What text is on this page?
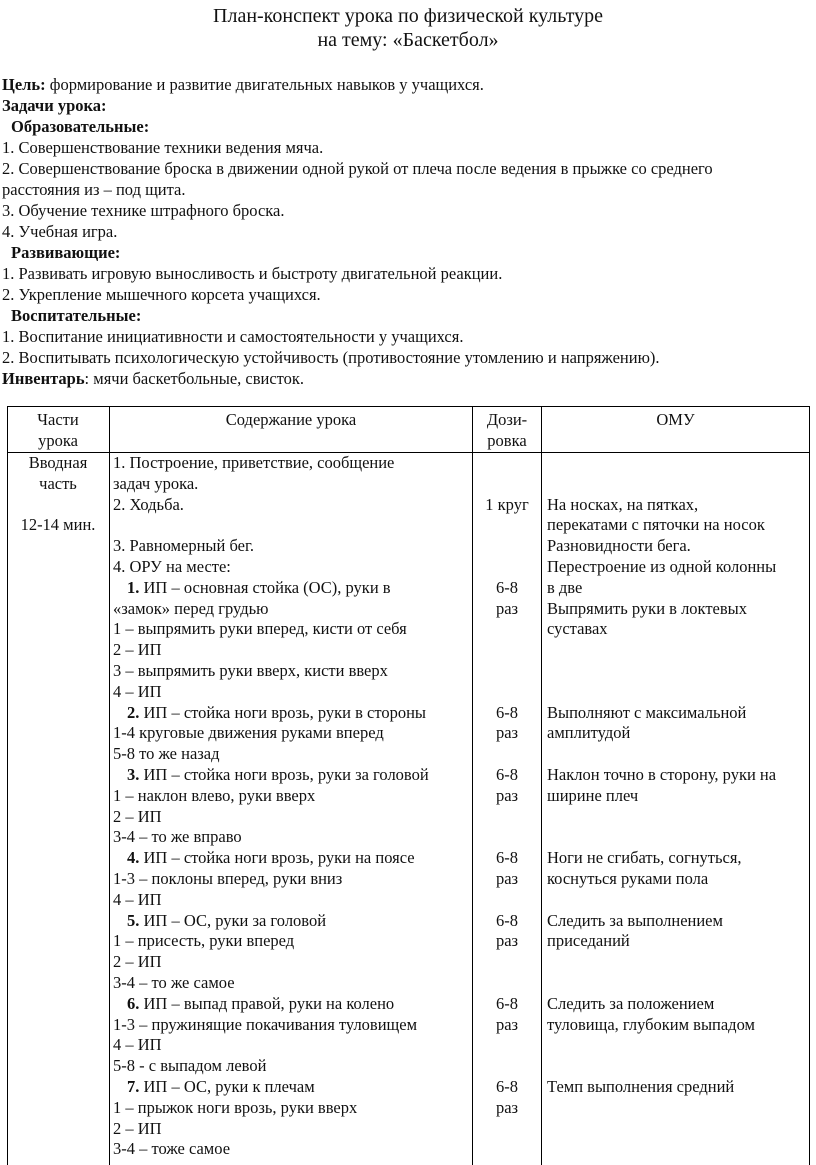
План-конспект урока по физической культуре
на тему: «Баскетбол»
Цель: формирование и развитие двигательных навыков у учащихся.
Задачи урока:
Образовательные:
1. Совершенствование техники ведения мяча.
2. Совершенствование броска в движении одной рукой от плеча после ведения в прыжке со среднего
расстояния из – под щита.
3. Обучение технике штрафного броска.
4. Учебная игра.
Развивающие:
1. Развивать игровую выносливость и быстроту двигательной реакции.
2. Укрепление мышечного корсета учащихся.
Воспитательные:
1. Воспитание инициативности и самостоятельности у учащихся.
2. Воспитывать психологическую устойчивость (противостояние утомлению и напряжению).
Инвентарь: мячи баскетбольные, свисток.
Части
урока
Содержание урока	Дози-
ровка
ОМУ
Вводная
часть
12-14 мин.
1. Построение, приветствие, сообщение
задач урока.
2. Ходьба.
3. Равномерный бег.
4. ОРУ на месте:
1. ИП – основная стойка (ОС), руки в
«замок» перед грудью
1 – выпрямить руки вперед, кисти от себя
2 – ИП
3 – выпрямить руки вверх, кисти вверх
4 – ИП
2. ИП – стойка ноги врозь, руки в стороны
1-4 круговые движения руками вперед
5-8 то же назад
3. ИП – стойка ноги врозь, руки за головой
1 – наклон влево, руки вверх
2 – ИП
3-4 – то же вправо
4. ИП – стойка ноги врозь, руки на поясе
1-3 – поклоны вперед, руки вниз
4 – ИП
5. ИП – ОС, руки за головой
1 – присесть, руки вперед
2 – ИП
3-4 – то же самое
6. ИП – выпад правой, руки на колено
1-3 – пружинящие покачивания туловищем
4 – ИП
5-8 - с выпадом левой
7. ИП – ОС, руки к плечам
1 – прыжок ноги врозь, руки вверх
2 – ИП
3-4 – тоже самое
1 круг
6-8
раз
6-8
раз
6-8
раз
6-8
раз
6-8
раз
6-8
раз
6-8
раз
На носках, на пятках,
перекатами с пяточки на носок
Разновидности бега.
Перестроение из одной колонны
в две
Выпрямить руки в локтевых
суставах
Выполняют с максимальной
амплитудой
Наклон точно в сторону, руки на
ширине плеч
Ноги не сгибать, согнуться,
коснуться руками пола
Следить за выполнением
приседаний
Следить за положением
туловища, глубоким выпадом
Темп выполнения средний
